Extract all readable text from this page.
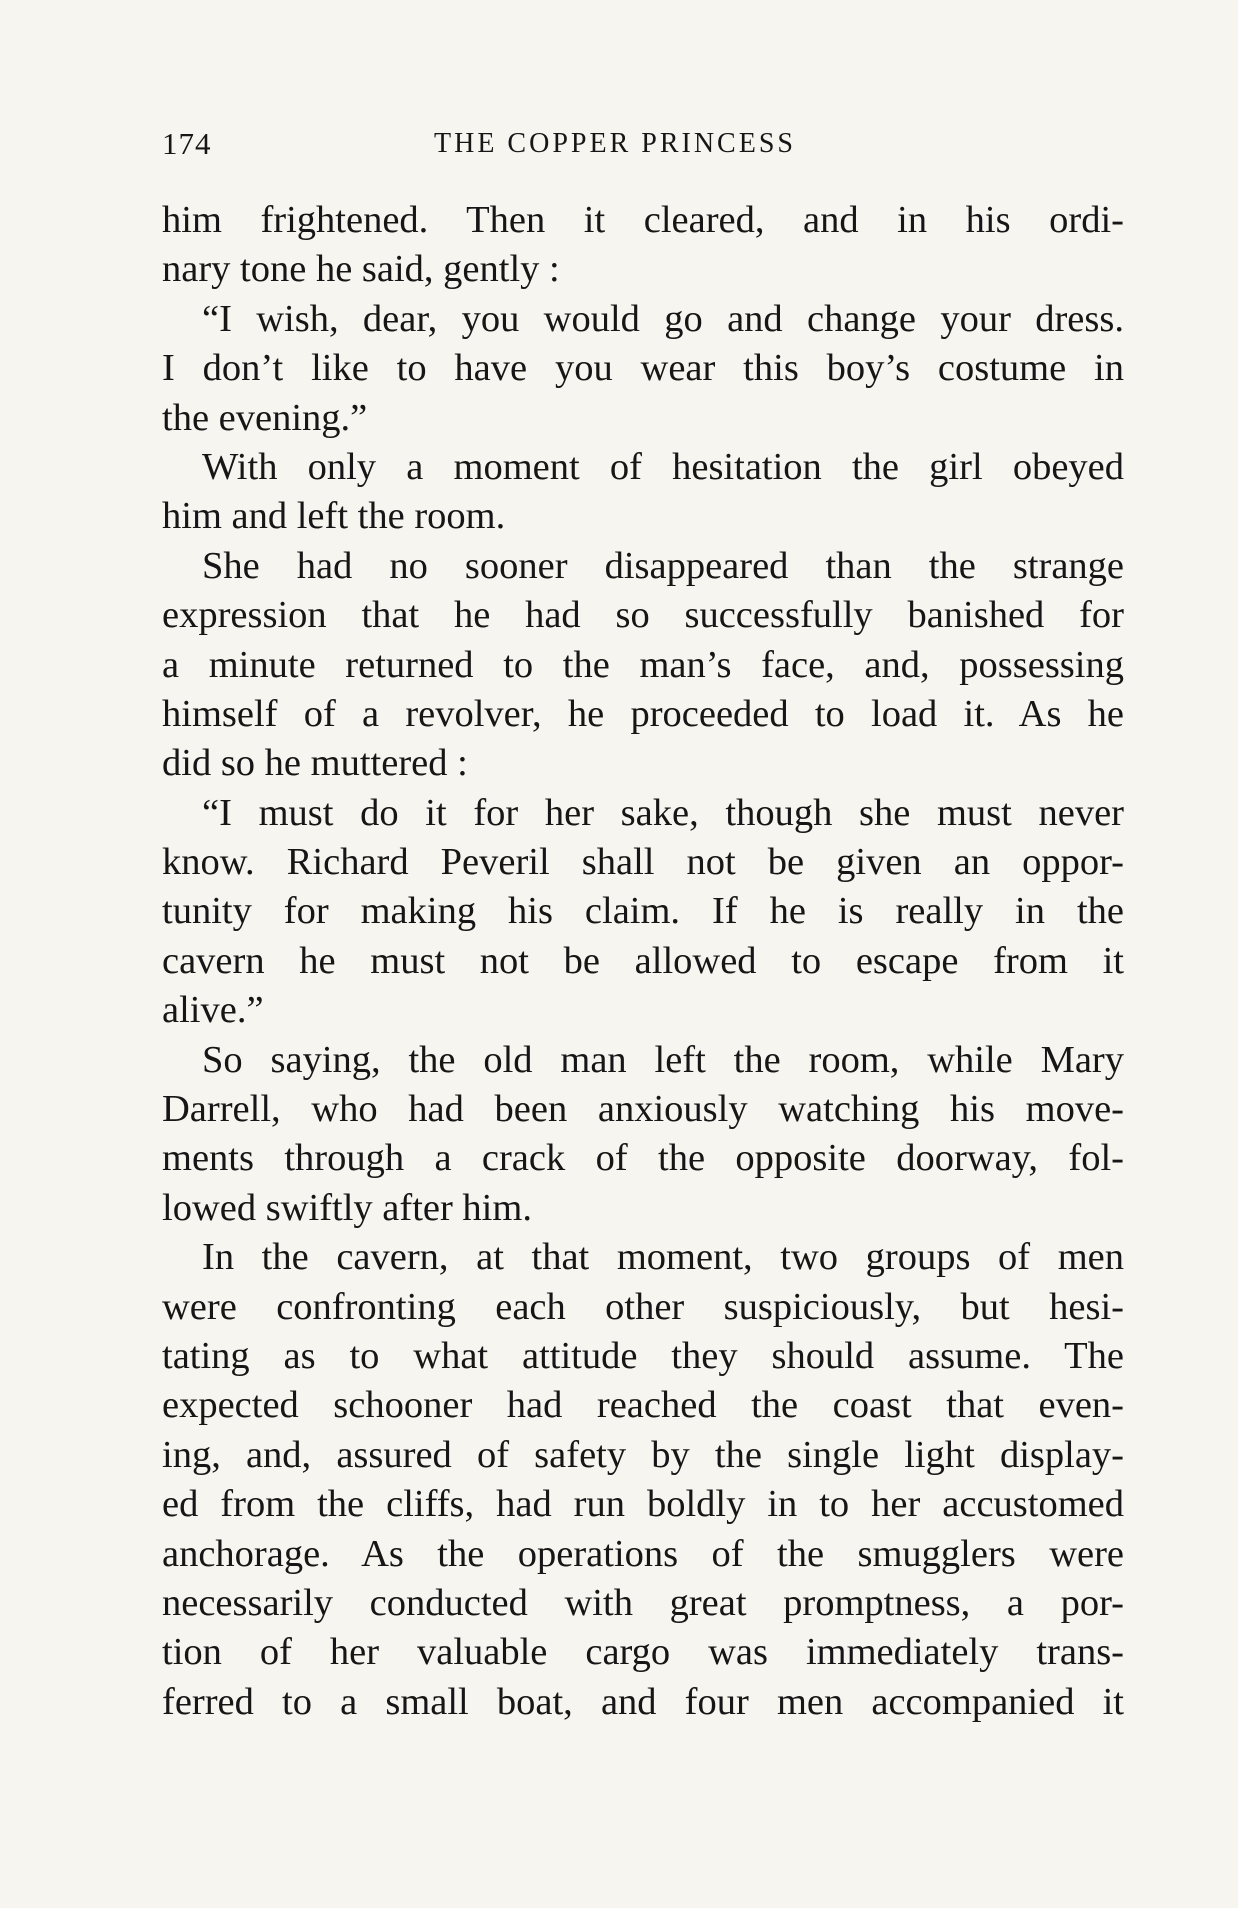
174	THE COPPER PRINCESS
him frightened. Then it cleared, and in his ordi-
nary tone he said, gently :
“I wish, dear, you would go and change your dress.
I don’t like to have you wear this boy’s costume in
the evening.”
With only a moment of hesitation the girl obeyed
him and left the room.
She had no sooner disappeared than the strange
expression that he had so successfully banished for
a minute returned to the man’s face, and, possessing
himself of a revolver, he proceeded to load it. As he
did so he muttered :
“I must do it for her sake, though she must never
know. Richard Peveril shall not be given an oppor-
tunity for making his claim. If he is really in the
cavern he must not be allowed to escape from it
alive.”
So saying, the old man left the room, while Mary
Darrell, who had been anxiously watching his move-
ments through a crack of the opposite doorway, fol-
lowed swiftly after him.
In the cavern, at that moment, two groups of men
were confronting each other suspiciously, but hesi-
tating as to what attitude they should assume. The
expected schooner had reached the coast that even-
ing, and, assured of safety by the single light display-
ed from the cliffs, had run boldly in to her accustomed
anchorage. As the operations of the smugglers were
necessarily conducted with great promptness, a por-
tion of her valuable cargo was immediately trans-
ferred to a small boat, and four men accompanied it
